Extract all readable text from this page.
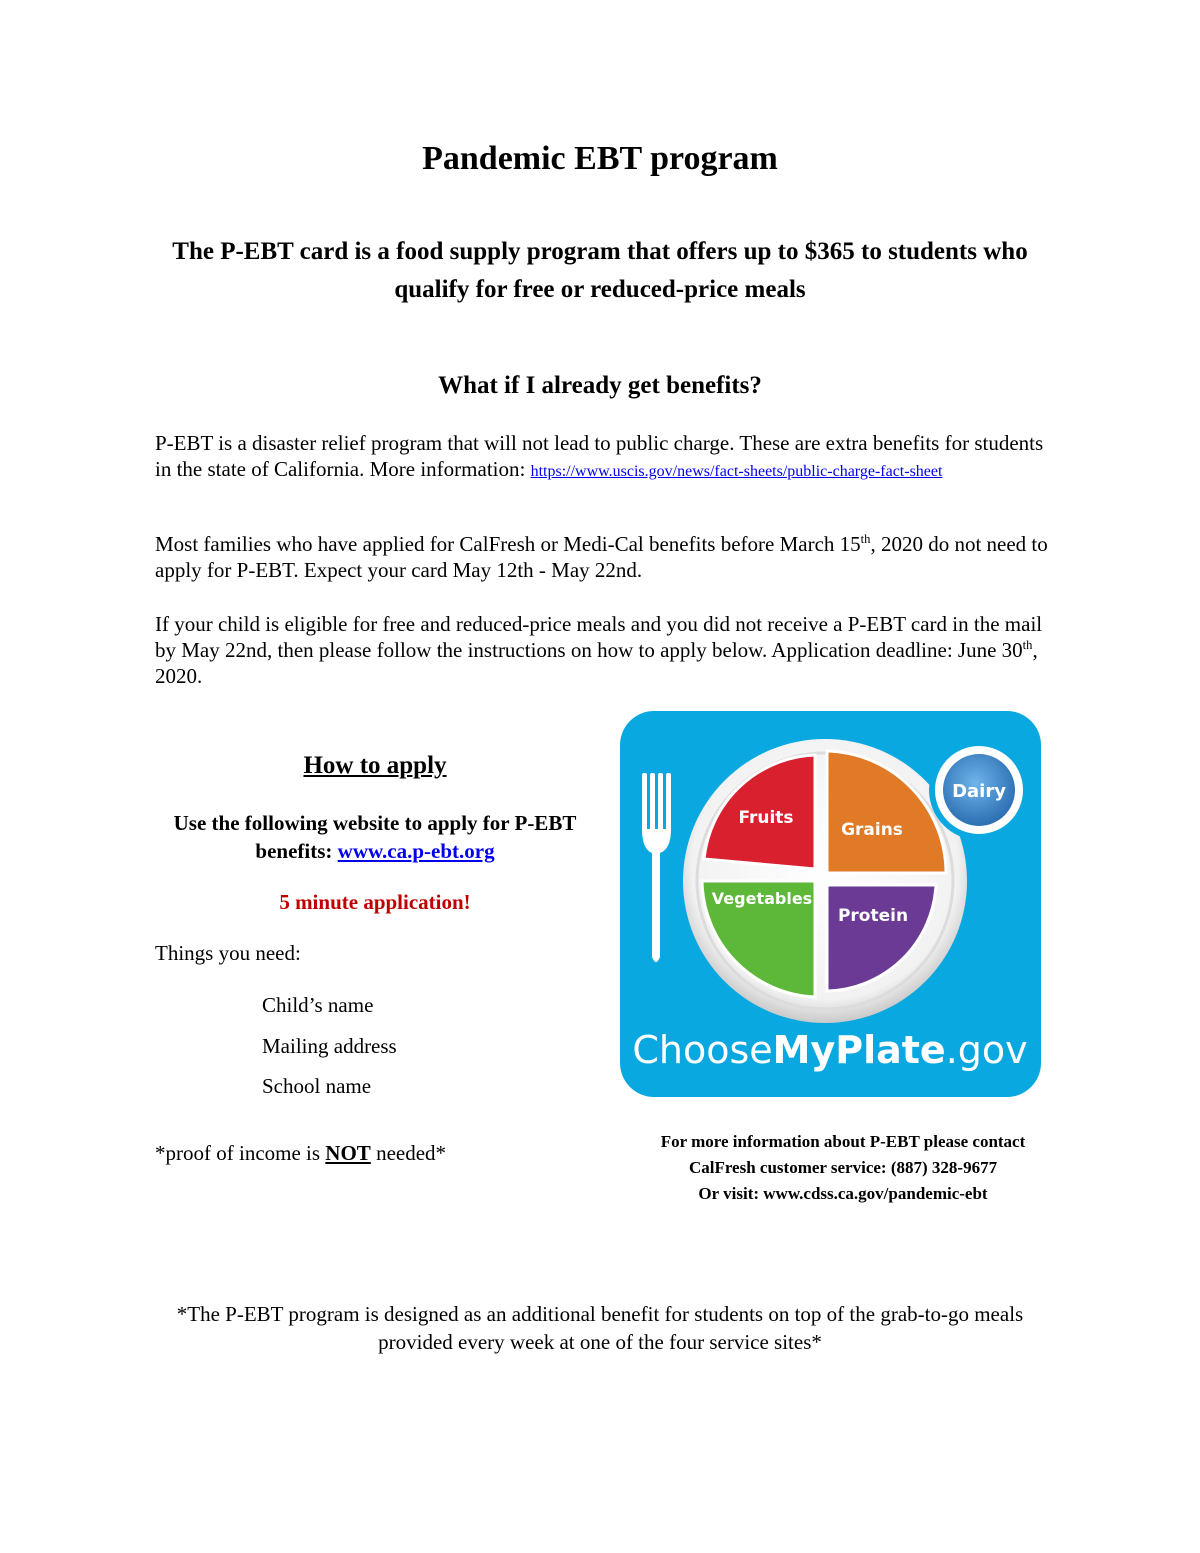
Pandemic EBT program
The P-EBT card is a food supply program that offers up to $365 to students who qualify for free or reduced-price meals
What if I already get benefits?
P-EBT is a disaster relief program that will not lead to public charge. These are extra benefits for students in the state of California. More information: https://www.uscis.gov/news/fact-sheets/public-charge-fact-sheet
Most families who have applied for CalFresh or Medi-Cal benefits before March 15th, 2020 do not need to apply for P-EBT. Expect your card May 12th - May 22nd.
If your child is eligible for free and reduced-price meals and you did not receive a P-EBT card in the mail by May 22nd, then please follow the instructions on how to apply below. Application deadline: June 30th, 2020.
How to apply
Use the following website to apply for P-EBT benefits: www.ca.p-ebt.org
5 minute application!
Things you need:
Child’s name
Mailing address
School name
*proof of income is NOT needed*
Fruits
Grains
Vegetables
Protein
Dairy
ChooseMyPlate.gov
For more information about P-EBT please contact
CalFresh customer service: (887) 328-9677
Or visit: www.cdss.ca.gov/pandemic-ebt
*The P-EBT program is designed as an additional benefit for students on top of the grab-to-go meals provided every week at one of the four service sites*
